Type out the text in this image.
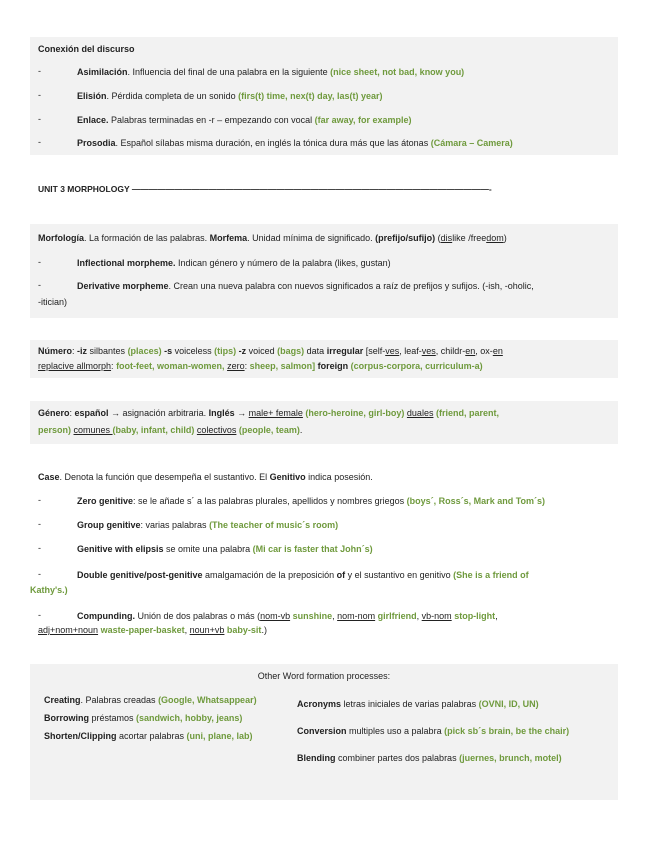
Conexión del discurso
-	Asimilación. Influencia del final de una palabra en la siguiente (nice sheet, not bad, know you)
-	Elisión. Pérdida completa de un sonido (firs(t) time, nex(t) day, las(t) year)
-	Enlace. Palabras terminadas en -r – empezando con vocal (far away, for example)
-	Prosodia. Español sílabas misma duración, en inglés la tónica dura más que las átonas (Cámara – Camera)
UNIT 3 MORPHOLOGY ——————————————————————————————————————————-
Morfología. La formación de las palabras. Morfema. Unidad mínima de significado. (prefijo/sufijo) (dislike /freedom)
-	Inflectional morpheme. Indican género y número de la palabra (likes, gustan)
-	Derivative morpheme. Crean una nueva palabra con nuevos significados a raíz de prefijos y sufijos. (-ish, -oholic,
-itician)
Número: -iz silbantes (places) -s voiceless (tips) -z voiced (bags) data irregular [self-ves, leaf-ves, childr-en, ox-en
replacive allmorph: foot-feet, woman-women, zero: sheep, salmon] foreign (corpus-corpora, curriculum-a)
Género: español → asignación arbitraria. Inglés → male+ female (hero-heroine, girl-boy) duales (friend, parent,
person) comunes (baby, infant, child) colectivos (people, team).
Case. Denota la función que desempeña el sustantivo. El Genitivo indica posesión.
-	Zero genitive: se le añade s´ a las palabras plurales, apellidos y nombres griegos (boys´, Ross´s, Mark and Tom´s)
-	Group genitive: varias palabras (The teacher of music´s room)
-	Genitive with elipsis se omite una palabra (Mi car is faster that John´s)
-	Double genitive/post-genitive amalgamación de la preposición of y el sustantivo en genitivo (She is a friend of
Kathy's.)
-	Compunding. Unión de dos palabras o más (nom-vb sunshine, nom-nom girlfriend, vb-nom stop-light,
adj+nom+noun waste-paper-basket, noun+vb baby-sit.)
Other Word formation processes:
Creating. Palabras creadas (Google, Whatsappear)
Borrowing préstamos (sandwich, hobby, jeans)
Shorten/Clipping acortar palabras (uni, plane, lab)
Acronyms letras iniciales de varias palabras (OVNI, ID, UN)
Conversion multiples uso a palabra (pick sb´s brain, be the chair)
Blending combiner partes dos palabras (juernes, brunch, motel)
